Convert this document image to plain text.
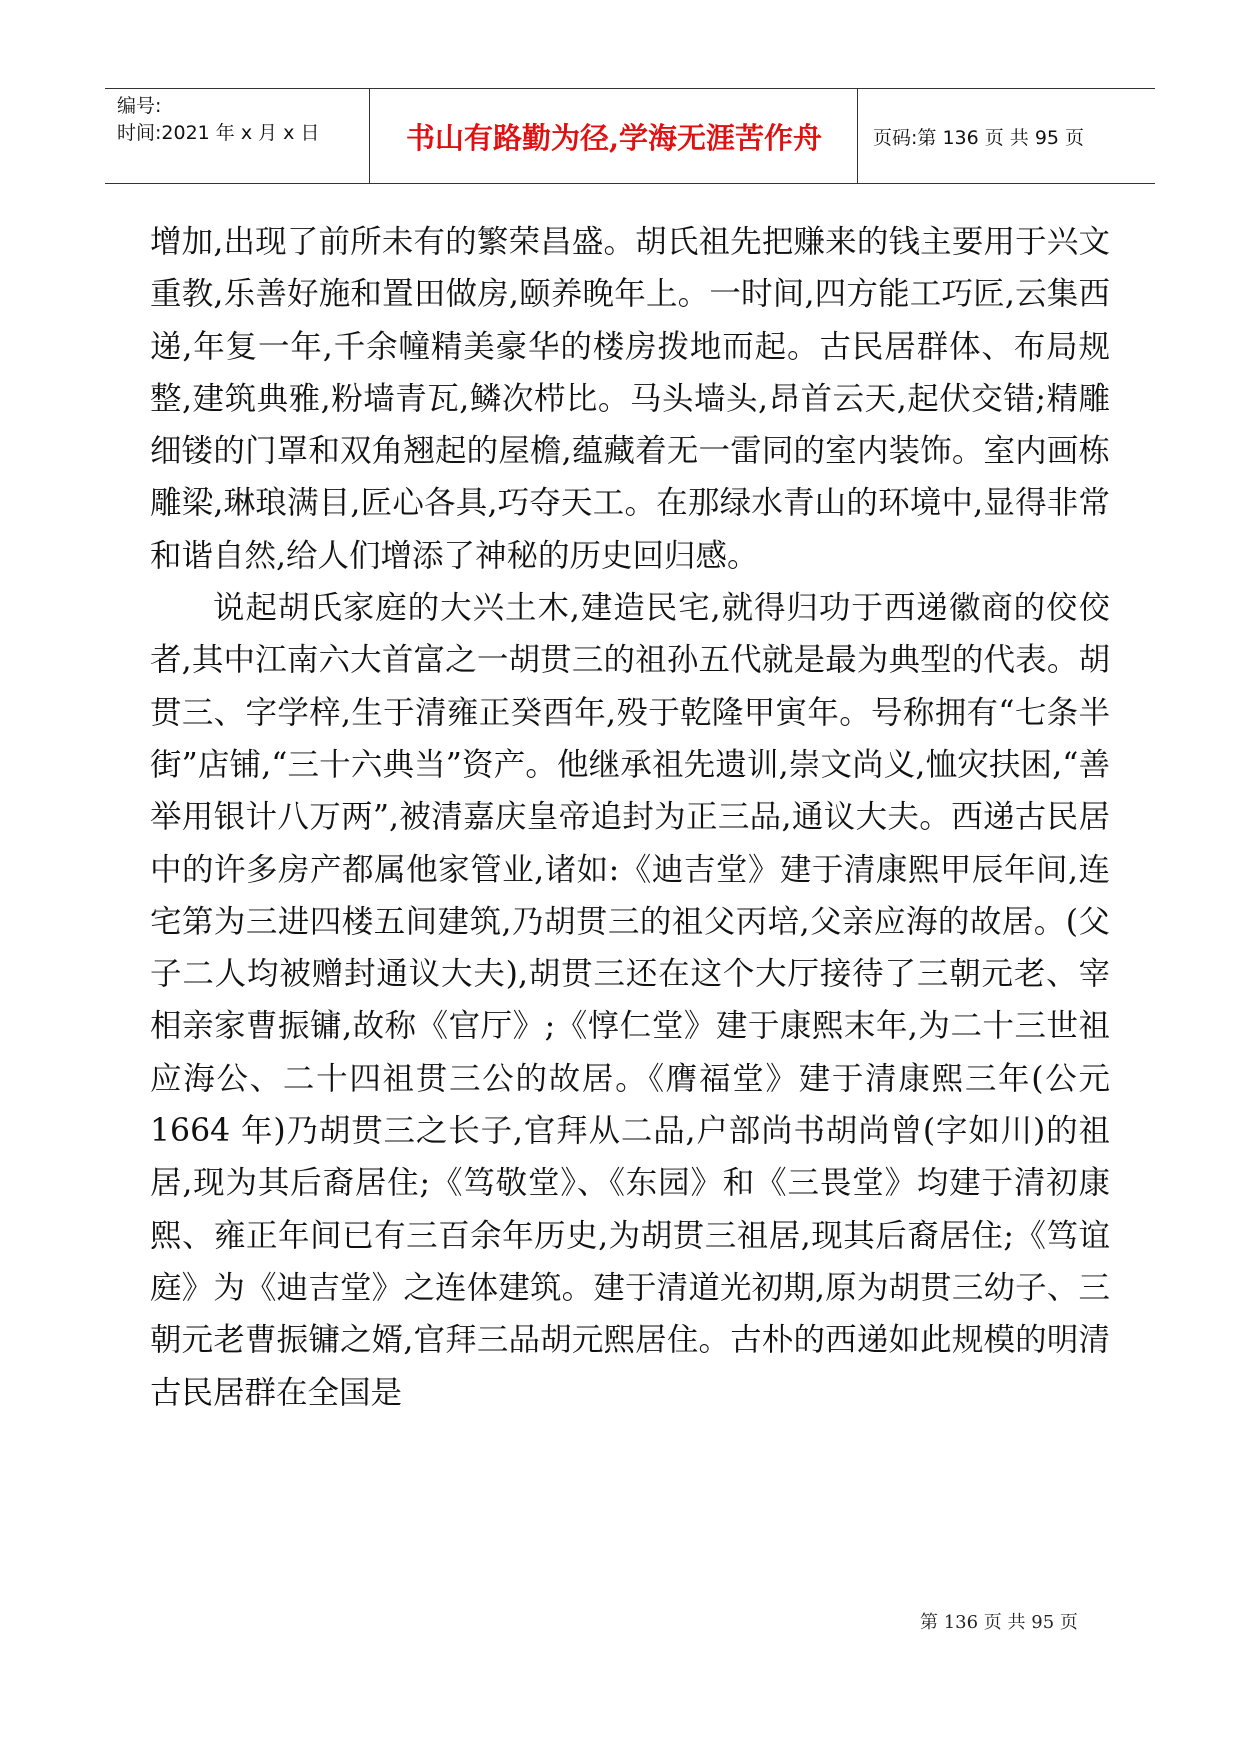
编号:
时间:2021 年 x 月 x 日	书山有路勤为径,学海无涯苦作舟	页码:第 136 页 共 95 页

增加,出现了前所未有的繁荣昌盛。胡氏祖先把赚来的钱主要用于兴文重教,乐善好施和置田做房,颐养晚年上。一时间,四方能工巧匠,云集西递,年复一年,千余幢精美豪华的楼房拨地而起。古民居群体、布局规整,建筑典雅,粉墙青瓦,鳞次栉比。马头墙头,昂首云天,起伏交错;精雕细镂的门罩和双角翘起的屋檐,蕴藏着无一雷同的室内装饰。室内画栋雕梁,琳琅满目,匠心各具,巧夺天工。在那绿水青山的环境中,显得非常和谐自然,给人们增添了神秘的历史回归感。

说起胡氏家庭的大兴土木,建造民宅,就得归功于西递徽商的佼佼者,其中江南六大首富之一胡贯三的祖孙五代就是最为典型的代表。胡贯三、字学梓,生于清雍正癸酉年,殁于乾隆甲寅年。号称拥有“七条半街”店铺,“三十六典当”资产。他继承祖先遗训,崇文尚义,恤灾扶困,“善举用银计八万两”,被清嘉庆皇帝追封为正三品,通议大夫。西递古民居中的许多房产都属他家管业,诸如:《迪吉堂》建于清康熙甲辰年间,连宅第为三进四楼五间建筑,乃胡贯三的祖父丙培,父亲应海的故居。(父子二人均被赠封通议大夫),胡贯三还在这个大厅接待了三朝元老、宰相亲家曹振镛,故称《官厅》;《惇仁堂》建于康熙末年,为二十三世祖应海公、二十四祖贯三公的故居。《膺福堂》建于清康熙三年(公元 1664 年)乃胡贯三之长子,官拜从二品,户部尚书胡尚曾(字如川)的祖居,现为其后裔居住;《笃敬堂》、《东园》和《三畏堂》均建于清初康熙、雍正年间已有三百余年历史,为胡贯三祖居,现其后裔居住;《笃谊庭》为《迪吉堂》之连体建筑。建于清道光初期,原为胡贯三幼子、三朝元老曹振镛之婿,官拜三品胡元熙居住。古朴的西递如此规模的明清古民居群在全国是

第 136 页 共 95 页
